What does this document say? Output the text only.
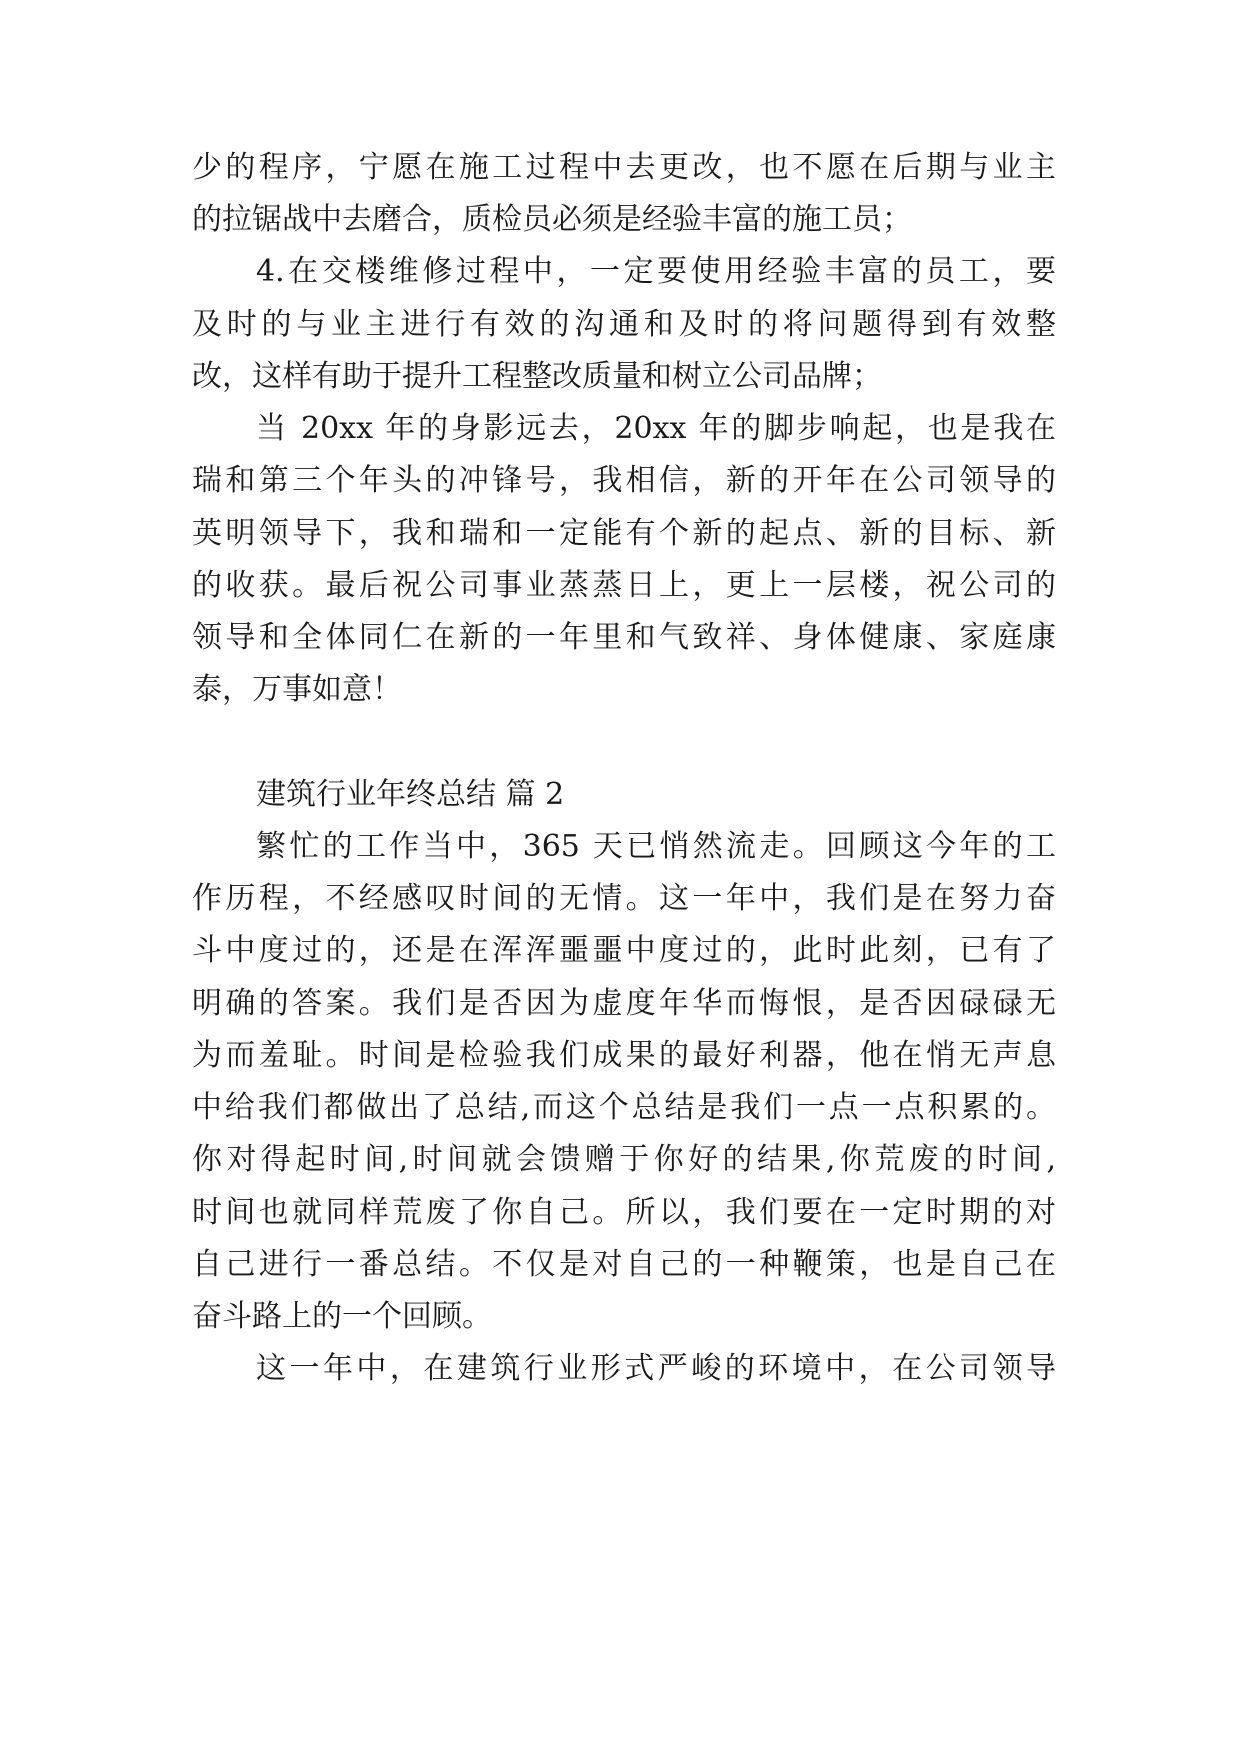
少的程序，宁愿在施工过程中去更改，也不愿在后期与业主
的拉锯战中去磨合，质检员必须是经验丰富的施工员；
4.在交楼维修过程中，一定要使用经验丰富的员工，要
及时的与业主进行有效的沟通和及时的将问题得到有效整
改，这样有助于提升工程整改质量和树立公司品牌；
当 20xx 年的身影远去，20xx 年的脚步响起，也是我在
瑞和第三个年头的冲锋号，我相信，新的开年在公司领导的
英明领导下，我和瑞和一定能有个新的起点、新的目标、新
的收获。最后祝公司事业蒸蒸日上，更上一层楼，祝公司的
领导和全体同仁在新的一年里和气致祥、身体健康、家庭康
泰，万事如意！
建筑行业年终总结 篇 2
繁忙的工作当中，365 天已悄然流走。回顾这今年的工
作历程，不经感叹时间的无情。这一年中，我们是在努力奋
斗中度过的，还是在浑浑噩噩中度过的，此时此刻，已有了
明确的答案。我们是否因为虚度年华而悔恨，是否因碌碌无
为而羞耻。时间是检验我们成果的最好利器，他在悄无声息
中给我们都做出了总结,而这个总结是我们一点一点积累的。
你对得起时间,时间就会馈赠于你好的结果,你荒废的时间,
时间也就同样荒废了你自己。所以，我们要在一定时期的对
自己进行一番总结。不仅是对自己的一种鞭策，也是自己在
奋斗路上的一个回顾。
这一年中，在建筑行业形式严峻的环境中，在公司领导
